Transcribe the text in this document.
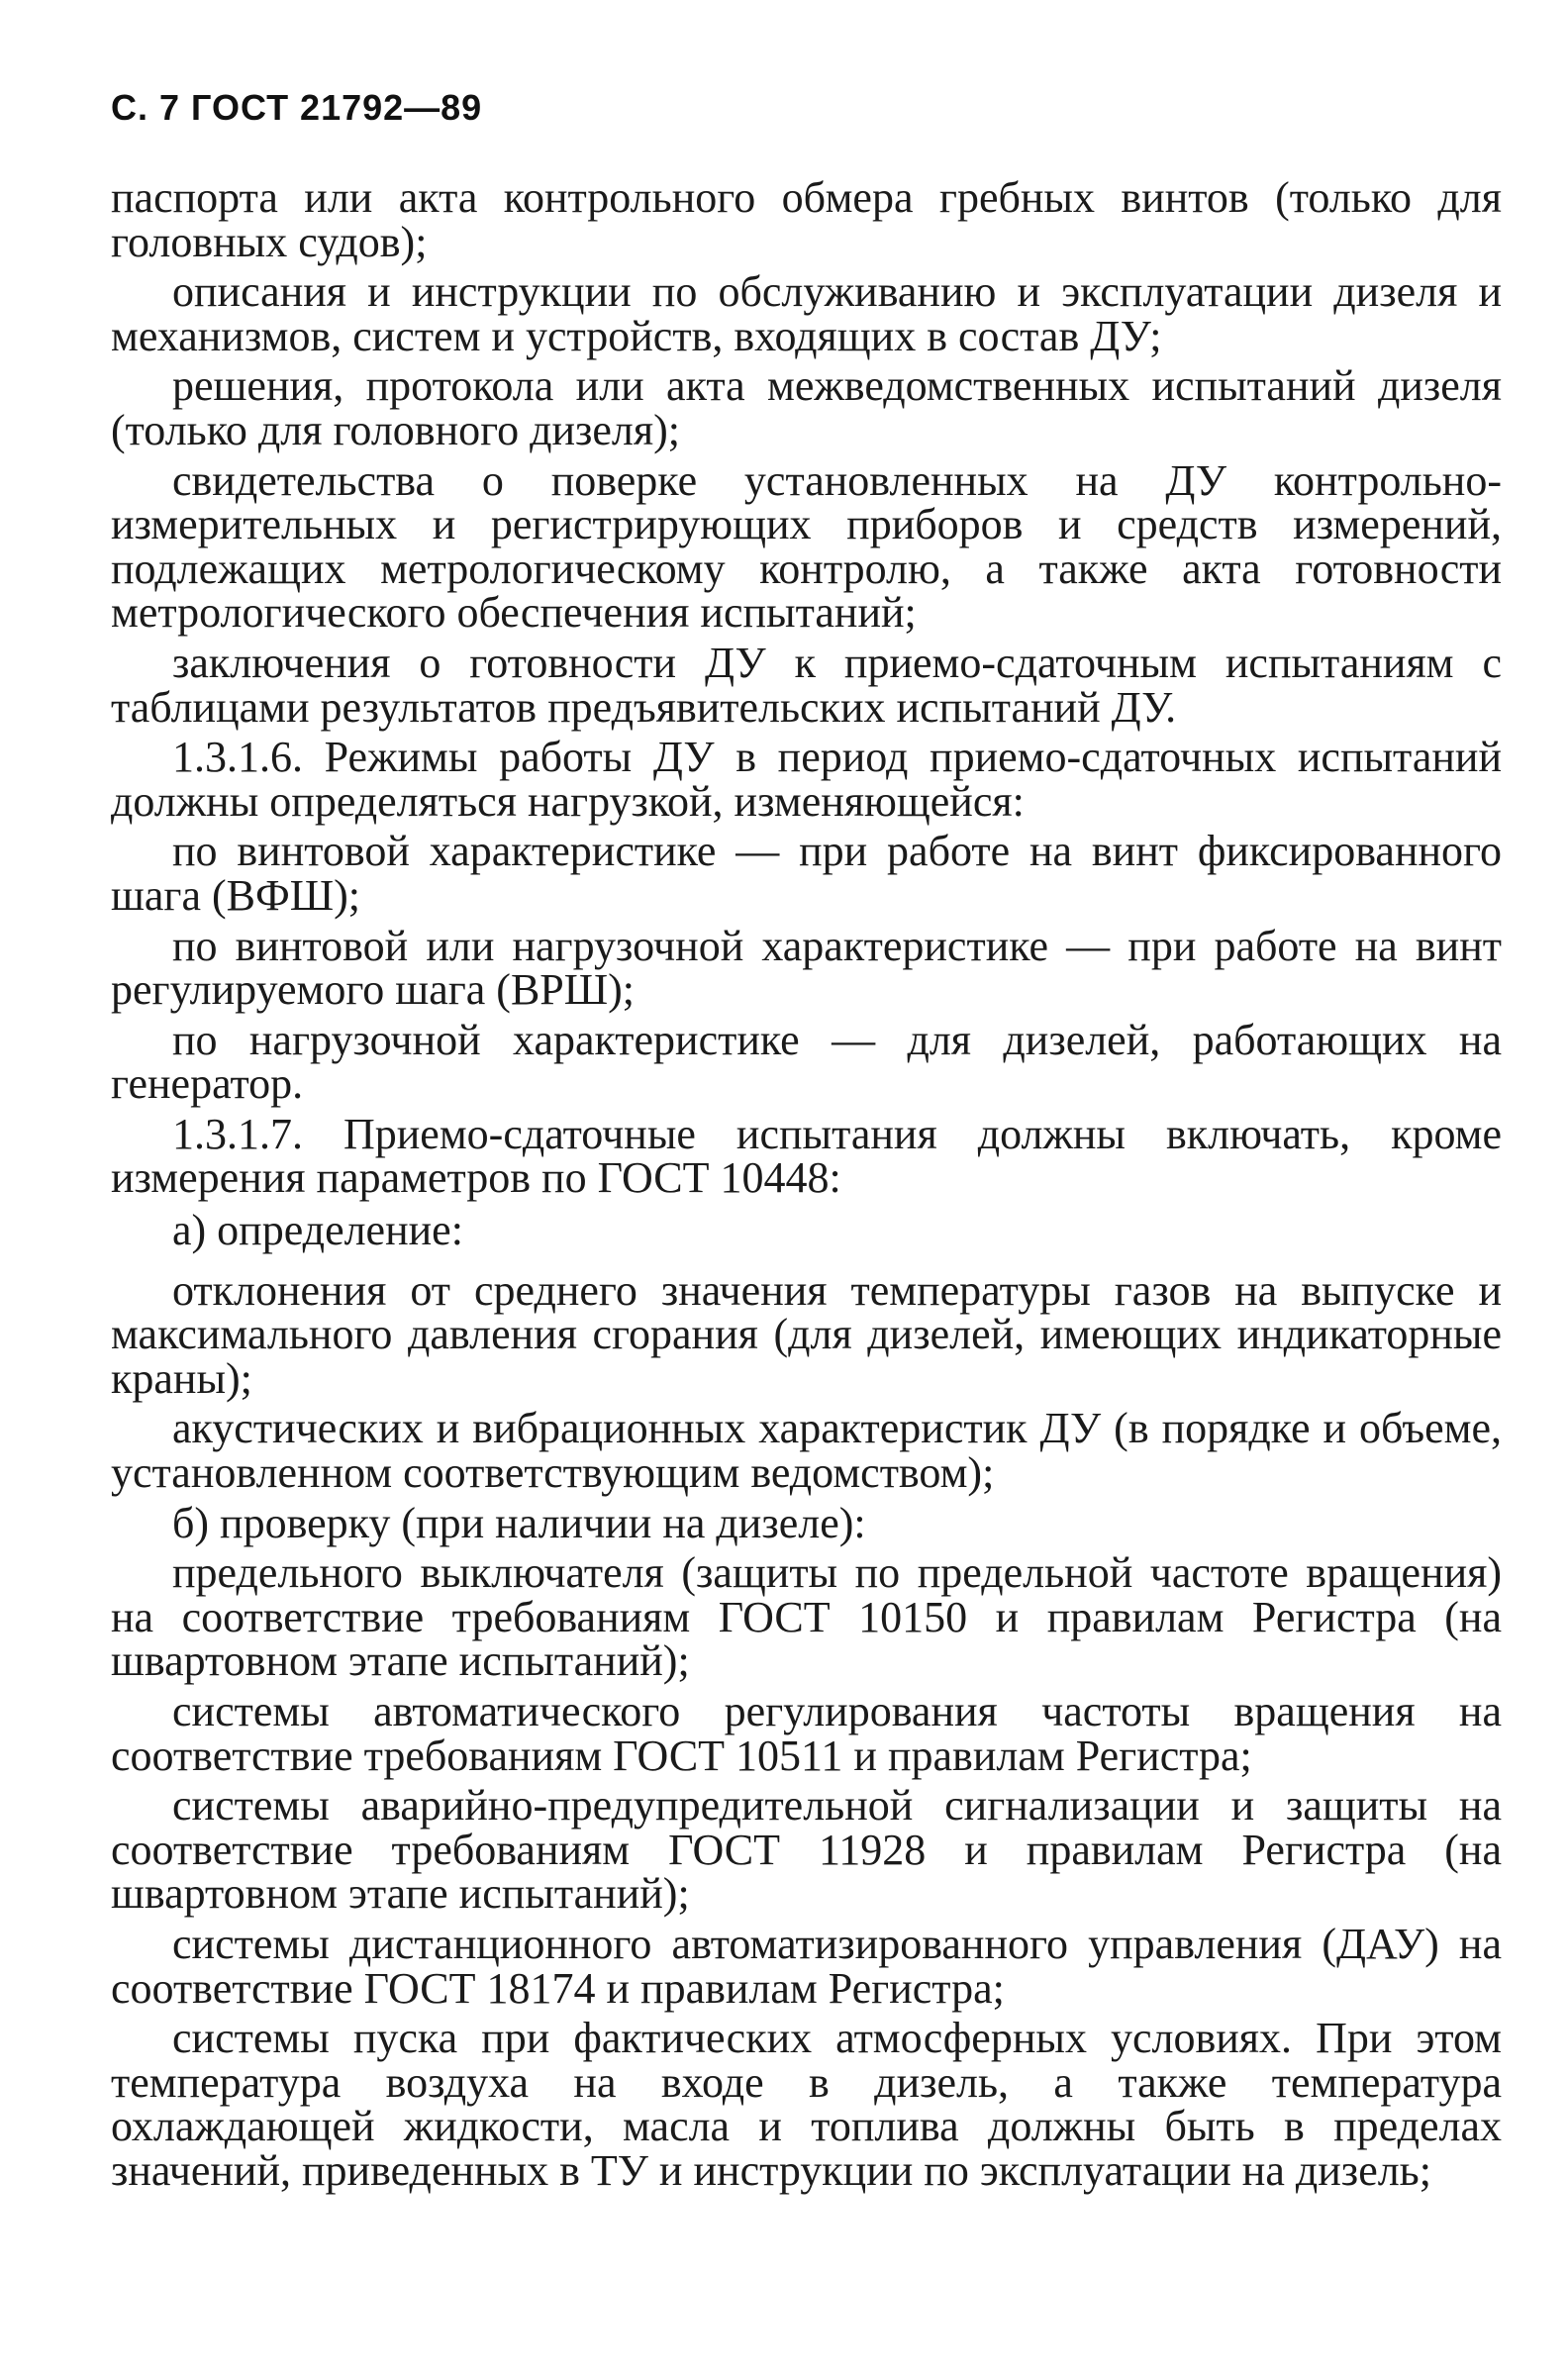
С. 7 ГОСТ 21792—89

паспорта или акта контрольного обмера гребных винтов (только для головных судов);

описания и инструкции по обслуживанию и эксплуатации дизеля и механизмов, систем и устройств, входящих в состав ДУ;

решения, протокола или акта межведомственных испытаний дизеля (только для головного дизеля);

свидетельства о поверке установленных на ДУ контрольно-измерительных и регистрирующих приборов и средств измерений, подлежащих метрологическому контролю, а также акта готовности метрологического обеспечения испытаний;

заключения о готовности ДУ к приемо-сдаточным испытаниям с таблицами результатов предъявительских испытаний ДУ.

1.3.1.6. Режимы работы ДУ в период приемо-сдаточных испытаний должны определяться нагрузкой, изменяющейся:

по винтовой характеристике — при работе на винт фиксированного шага (ВФШ);

по винтовой или нагрузочной характеристике — при работе на винт регулируемого шага (ВРШ);

по нагрузочной характеристике — для дизелей, работающих на генератор.

1.3.1.7. Приемо-сдаточные испытания должны включать, кроме измерения параметров по ГОСТ 10448:

а) определение:

отклонения от среднего значения температуры газов на выпуске и максимального давления сгорания (для дизелей, имеющих индикаторные краны);

акустических и вибрационных характеристик ДУ (в порядке и объеме, установленном соответствующим ведомством);

б) проверку (при наличии на дизеле):

предельного выключателя (защиты по предельной частоте вращения) на соответствие требованиям ГОСТ 10150 и правилам Регистра (на швартовном этапе испытаний);

системы автоматического регулирования частоты вращения на соответствие требованиям ГОСТ 10511 и правилам Регистра;

системы аварийно-предупредительной сигнализации и защиты на соответствие требованиям ГОСТ 11928 и правилам Регистра (на швартовном этапе испытаний);

системы дистанционного автоматизированного управления (ДАУ) на соответствие ГОСТ 18174 и правилам Регистра;

системы пуска при фактических атмосферных условиях. При этом температура воздуха на входе в дизель, а также температура охлаждающей жидкости, масла и топлива должны быть в пределах значений, приведенных в ТУ и инструкции по эксплуатации на дизель;
